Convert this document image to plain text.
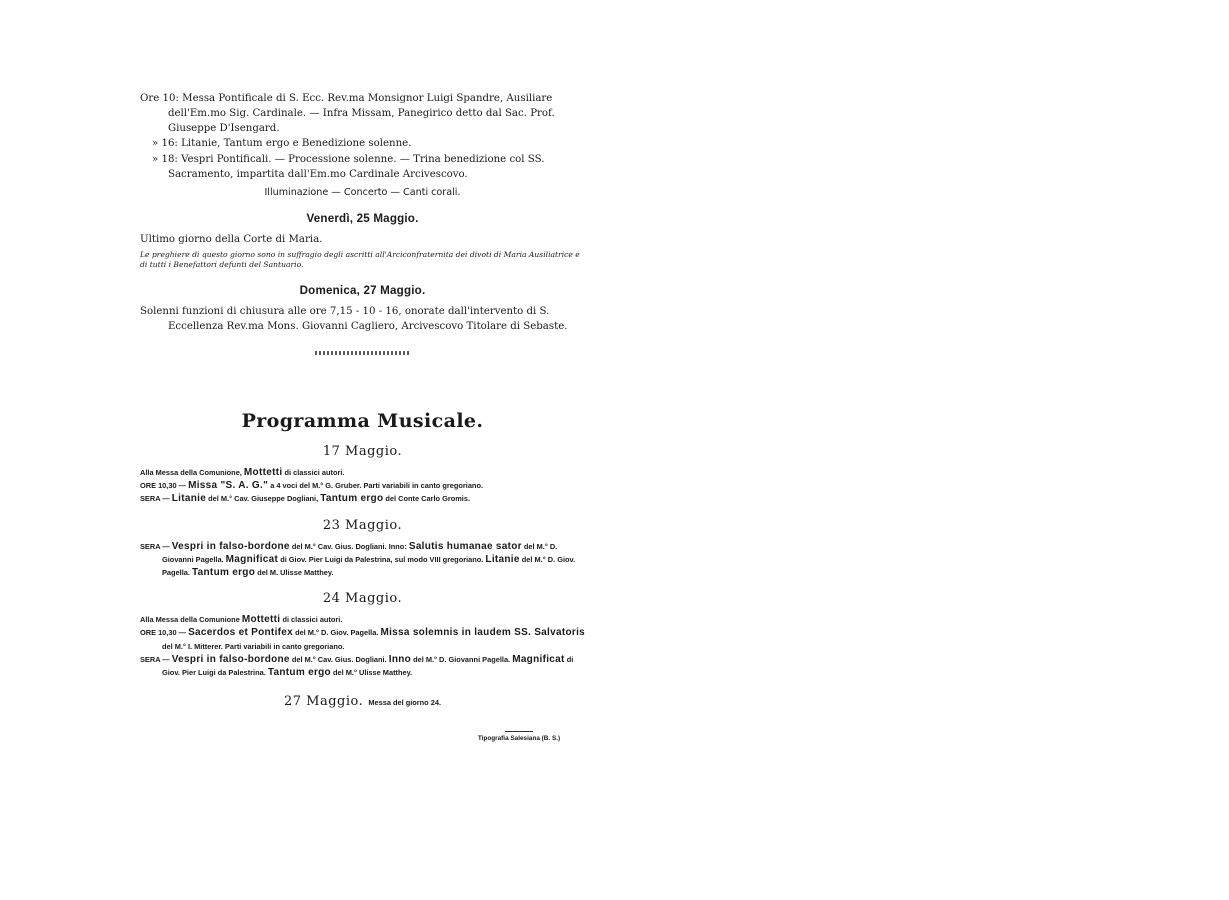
Ore 10: Messa Pontificale di S. Ecc. Rev.ma Monsignor Luigi Spandre, Ausiliare dell'Em.mo Sig. Cardinale. — Infra Missam, Panegirico detto dal Sac. Prof. Giuseppe D'Isengard.

» 16: Litanie, Tantum ergo e Benedizione solenne.

» 18: Vespri Pontificali. — Processione solenne. — Trina benedizione col SS. Sacramento, impartita dall'Em.mo Cardinale Arcivescovo.

Illuminazione — Concerto — Canti corali.

Venerdì, 25 Maggio.

Ultimo giorno della Corte di Maria.

Le preghiere di questo giorno sono in suffragio degli ascritti all'Arciconfraternita dei divoti di Maria Ausiliatrice e di tutti i Benefattori defunti del Santuario.

Domenica, 27 Maggio.

Solenni funzioni di chiusura alle ore 7,15 - 10 - 16, onorate dall'intervento di S. Eccellenza Rev.ma Mons. Giovanni Cagliero, Arcivescovo Titolare di Sebaste.

Programma Musicale.

17 Maggio.

Alla Messa della Comunione, Mottetti di classici autori.

ORE 10,30 — Missa "S. A. G." a 4 voci del M.° G. Gruber. Parti variabili in canto gregoriano.

SERA — Litanie del M.° Cav. Giuseppe Dogliani, Tantum ergo del Conte Carlo Gromis.

23 Maggio.

SERA — Vespri in falso-bordone del M.° Cav. Gius. Dogliani. Inno: Salutis humanae sator del M.° D. Giovanni Pagella. Magnificat di Giov. Pier Luigi da Palestrina, sul modo VIII gregoriano. Litanie del M.° D. Giov. Pagella. Tantum ergo del M. Ulisse Matthey.

24 Maggio.

Alla Messa della Comunione Mottetti di classici autori.

ORE 10,30 — Sacerdos et Pontifex del M.° D. Giov. Pagella. Missa solemnis in laudem SS. Salvatoris del M.° I. Mitterer. Parti variabili in canto gregoriano.

SERA — Vespri in falso-bordone del M.° Cav. Gius. Dogliani. Inno del M.° D. Giovanni Pagella. Magnificat di Giov. Pier Luigi da Palestrina. Tantum ergo del M.° Ulisse Matthey.

27 Maggio. Messa del giorno 24.

Tipografia Salesiana (B. S.)
